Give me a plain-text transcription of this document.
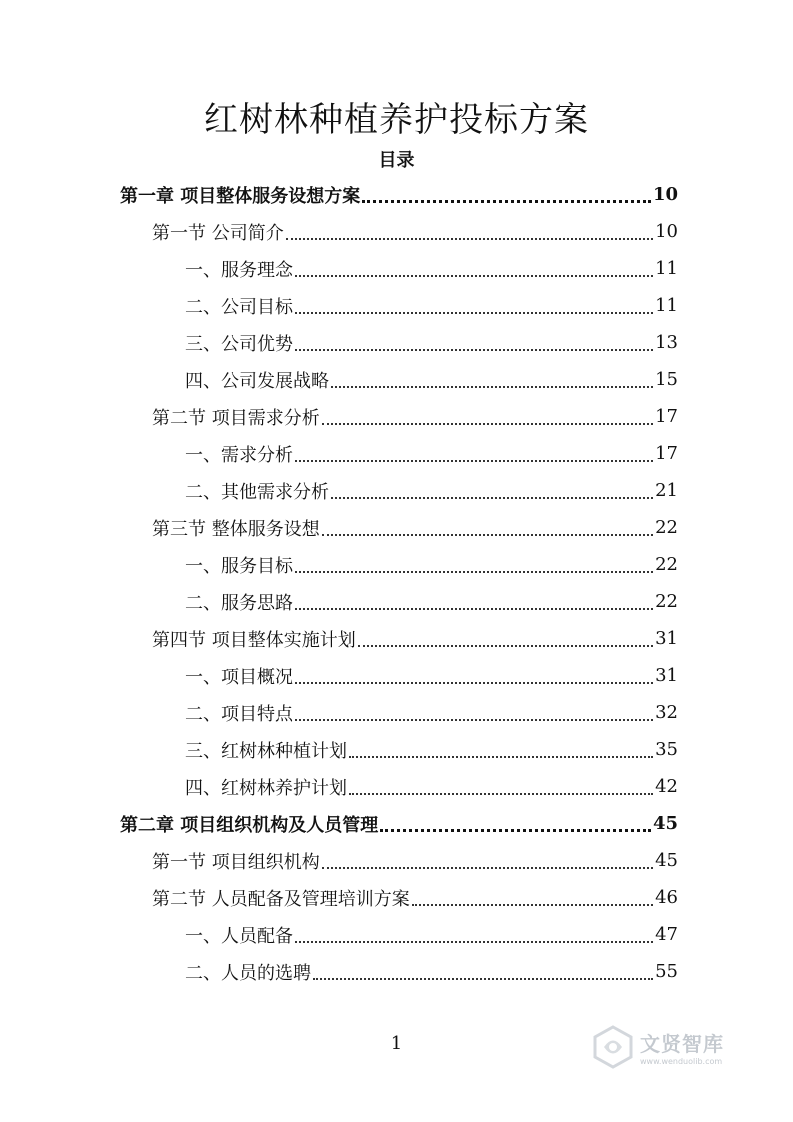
红树林种植养护投标方案
目录
第一章 项目整体服务设想方案	10
第一节 公司简介	10
一、服务理念	11
二、公司目标	11
三、公司优势	13
四、公司发展战略	15
第二节 项目需求分析	17
一、需求分析	17
二、其他需求分析	21
第三节 整体服务设想	22
一、服务目标	22
二、服务思路	22
第四节 项目整体实施计划	31
一、项目概况	31
二、项目特点	32
三、红树林种植计划	35
四、红树林养护计划	42
第二章 项目组织机构及人员管理	45
第一节 项目组织机构	45
第二节 人员配备及管理培训方案	46
一、人员配备	47
二、人员的选聘	55
1	文贤智库
www.wenduolib.com
